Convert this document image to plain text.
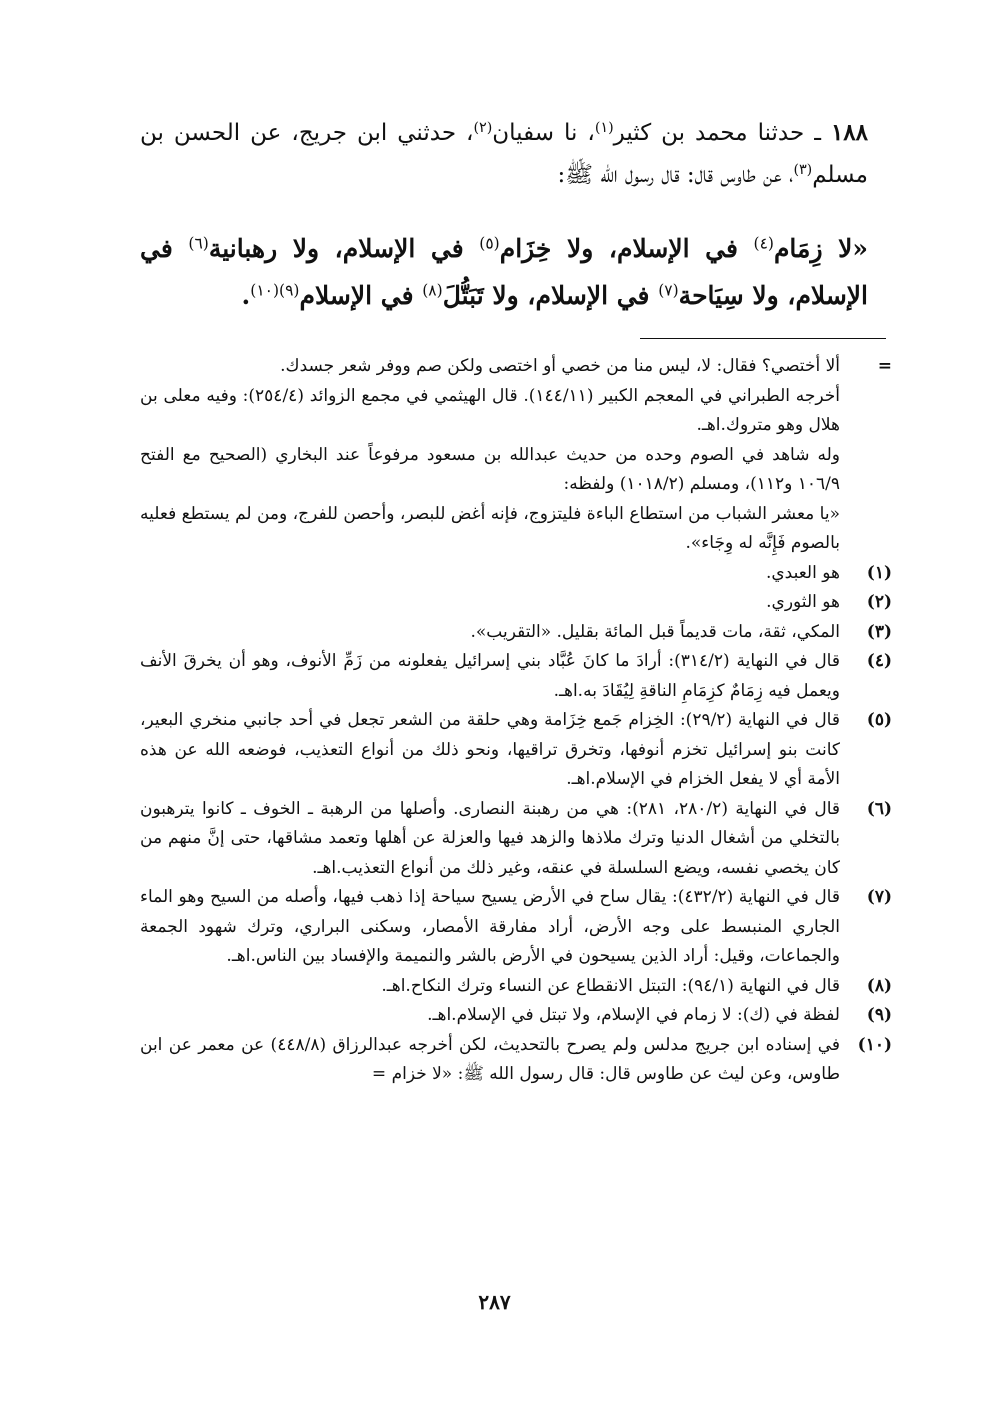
١٨٨ ـ حدثنا محمد بن كثير$^{(١)}$، نا سفيان$^{(٢)}$، حدثني ابن جريج، عن الحسن بن مسلم$^{(٣)}$، عن طاوس قال: قال رسول الله ﷺ:
«لا زِمَام$^{(٤)}$ في الإسلام، ولا خِزَام$^{(٥)}$ في الإسلام، ولا رهبانية$^{(٦)}$ في الإسلام، ولا سِيَاحة$^{(٧)}$ في الإسلام، ولا تَبَتُّلَ$^{(٨)}$ في الإسلام$^{(٩)(١٠)}$.
=
ألا أختصي؟ فقال: لا، ليس منا من خصي أو اختصى ولكن صم ووفر شعر جسدك.
أخرجه الطبراني في المعجم الكبير (١٤٤/١١). قال الهيثمي في مجمع الزوائد (٢٥٤/٤): وفيه معلى بن هلال وهو متروك.اهـ.
وله شاهد في الصوم وحده من حديث عبدالله بن مسعود مرفوعاً عند البخاري (الصحيح مع الفتح ١٠٦/٩ و١١٢)، ومسلم (١٠١٨/٢) ولفظه:
«يا معشر الشباب من استطاع الباءة فليتزوج، فإنه أغض للبصر، وأحصن للفرج، ومن لم يستطع فعليه بالصوم فَإِنَّه له وِجَاء».
(١)
هو العبدي.
(٢)
هو الثوري.
(٣)
المكي، ثقة، مات قديماً قبل المائة بقليل. «التقريب».
(٤)
قال في النهاية (٣١٤/٢): أرادَ ما كانَ عُبَّاد بني إسرائيل يفعلونه من زَمِّ الأنوف، وهو أن يخرقَ الأنف ويعمل فيه زِمَامٌ كزِمَامِ الناقةِ لِيُقَادَ به.اهـ.
(٥)
قال في النهاية (٢٩/٢): الخِزام جَمع خِزَامة وهي حلقة من الشعر تجعل في أحد جانبي منخري البعير، كانت بنو إسرائيل تخزم أنوفها، وتخرق تراقيها، ونحو ذلك من أنواع التعذيب، فوضعه الله عن هذه الأمة أي لا يفعل الخزام في الإسلام.اهـ.
(٦)
قال في النهاية (٢٨٠/٢، ٢٨١): هي من رهبنة النصارى. وأصلها من الرهبة ـ الخوف ـ كانوا يترهبون بالتخلي من أشغال الدنيا وترك ملاذها والزهد فيها والعزلة عن أهلها وتعمد مشاقها، حتى إنَّ منهم من كان يخصي نفسه، ويضع السلسلة في عنقه، وغير ذلك من أنواع التعذيب.اهـ.
(٧)
قال في النهاية (٤٣٢/٢): يقال ساح في الأرض يسيح سياحة إذا ذهب فيها، وأصله من السيح وهو الماء الجاري المنبسط على وجه الأرض، أراد مفارقة الأمصار، وسكنى البراري، وترك شهود الجمعة والجماعات، وقيل: أراد الذين يسيحون في الأرض بالشر والنميمة والإفساد بين الناس.اهـ.
(٨)
قال في النهاية (٩٤/١): التبتل الانقطاع عن النساء وترك النكاح.اهـ.
(٩)
لفظة في (ك): لا زمام في الإسلام، ولا تبتل في الإسلام.اهـ.
(١٠)
في إسناده ابن جريج مدلس ولم يصرح بالتحديث، لكن أخرجه عبدالرزاق (٤٤٨/٨) عن معمر عن ابن طاوس، وعن ليث عن طاوس قال: قال رسول الله ﷺ: «لا خزام =
٢٨٧
